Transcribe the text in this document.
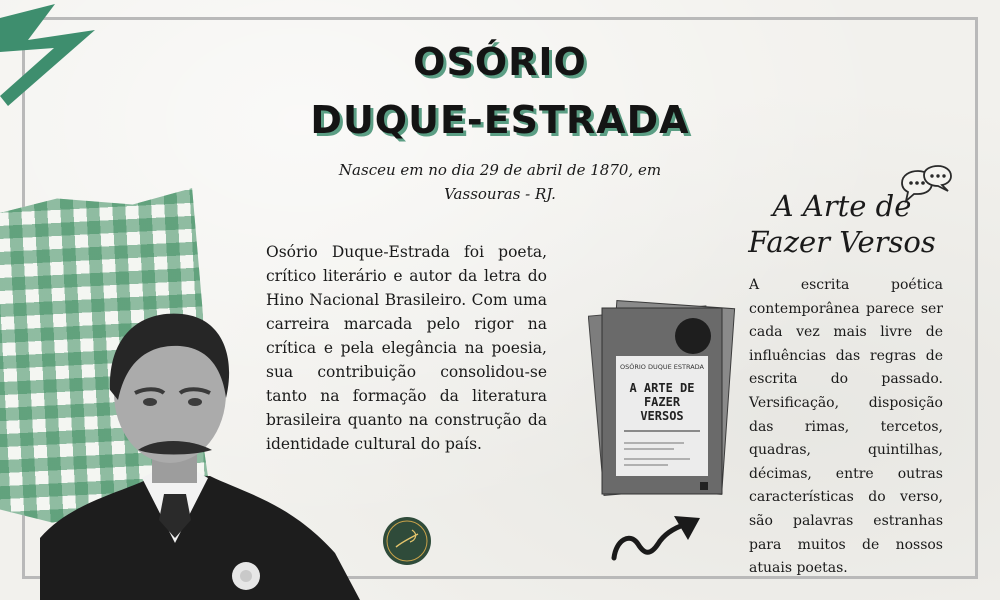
OSÓRIO
DUQUE-ESTRADA
Nasceu em no dia 29 de abril de 1870, em Vassouras - RJ.

Osório Duque-Estrada foi poeta, crítico literário e autor da letra do Hino Nacional Brasileiro. Com uma carreira marcada pelo rigor na crítica e pela elegância na poesia, sua contribuição consolidou-se tanto na formação da literatura brasileira quanto na construção da identidade cultural do país.

OSÓRIO DUQUE ESTRADA
A ARTE DE
FAZER
VERSOS
A Arte de
Fazer Versos

A escrita poética contemporânea parece ser cada vez mais livre de influências das regras de escrita do passado. Versificação, disposição das rimas, tercetos, quadras, quintilhas, décimas, entre outras características do verso, são palavras estranhas para muitos de nossos atuais poetas.
